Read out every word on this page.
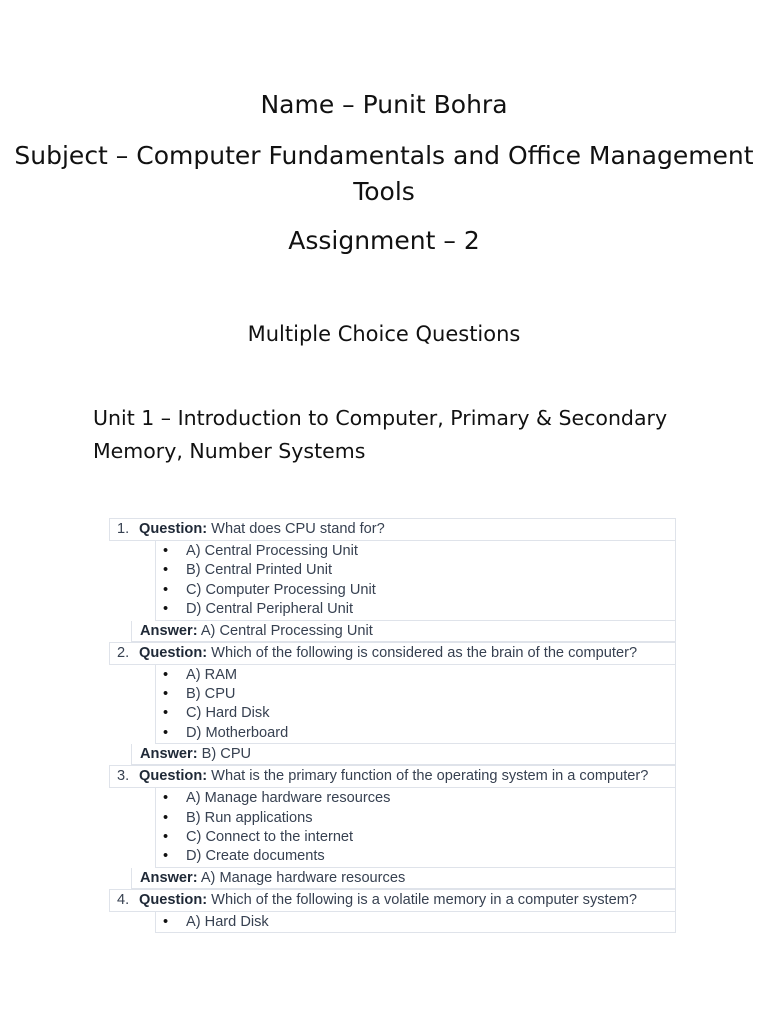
Name – Punit Bohra
Subject – Computer Fundamentals and Office Management Tools
Assignment – 2
Multiple Choice Questions
Unit 1 – Introduction to Computer, Primary & Secondary Memory, Number Systems
1. Question: What does CPU stand for?
• A) Central Processing Unit
• B) Central Printed Unit
• C) Computer Processing Unit
• D) Central Peripheral Unit
Answer: A) Central Processing Unit
2. Question: Which of the following is considered as the brain of the computer?
• A) RAM
• B) CPU
• C) Hard Disk
• D) Motherboard
Answer: B) CPU
3. Question: What is the primary function of the operating system in a computer?
• A) Manage hardware resources
• B) Run applications
• C) Connect to the internet
• D) Create documents
Answer: A) Manage hardware resources
4. Question: Which of the following is a volatile memory in a computer system?
• A) Hard Disk
